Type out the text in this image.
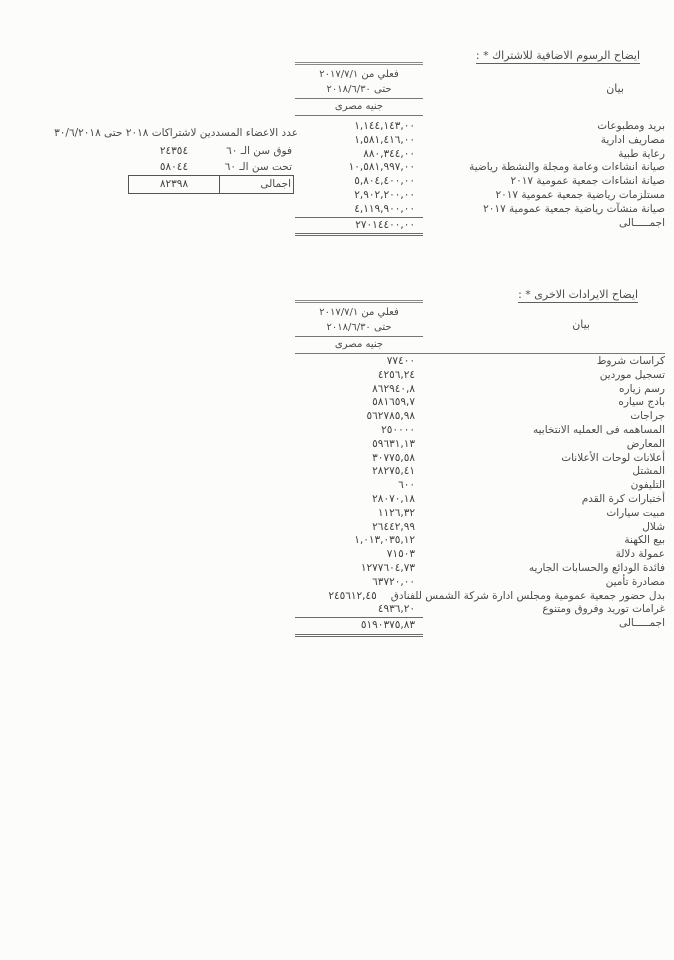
ايضاح الرسوم الاضافية للاشتراك * :
بيان
فعلي من ٢٠١٧/٧/١
حتى ٢٠١٨/٦/٣٠
جنيه مصرى
بريد ومطبوعات
١,١٤٤,١٤٣,٠٠
مصاريف ادارية
١,٥٨١,٤١٦,٠٠
رعاية طبية
٨٨٠,٣٤٤,٠٠
صيانة انشاءات وعامة ومجلة والنشطة رياضية
١٠,٥٨١,٩٩٧,٠٠
صيانة انشاءات جمعية عمومية ٢٠١٧
٥,٨٠٤,٤٠٠,٠٠
مستلزمات رياضية جمعية عمومية ٢٠١٧
٢,٩٠٢,٢٠٠,٠٠
صيانة منشآت رياضية جمعية عمومية ٢٠١٧
٤,١١٩,٩٠٠,٠٠
اجمـــــالى
٢٧٠١٤٤٠٠,٠٠
عدد الاعضاء المسددين لاشتراكات ٢٠١٨ حتى ٣٠/٦/٢٠١٨
فوق سن الـ ٦٠
٢٤٣٥٤
تحت سن الـ ٦٠
٥٨٠٤٤
اجمالى
٨٢٣٩٨
ايضاح الايرادات الاخرى * :
بيان
فعلي من ٢٠١٧/٧/١
حتى ٢٠١٨/٦/٣٠
جنيه مصرى
كراسات شروط
٧٧٤٠٠
تسجيل موردين
٤٢٥٦,٢٤
رسم زياره
٨٦٢٩٤٠,٨
بادج سياره
٥٨١٦٥٩,٧
جراجات
٥٦٢٧٨٥,٩٨
المساهمه فى العمليه الانتخابيه
٢٥٠٠٠٠
المعارض
٥٩٦٣١,١٣
أعلانات لوحات الأعلانات
٣٠٧٧٥,٥٨
المشتل
٢٨٢٧٥,٤١
التليفون
٦٠٠
أختبارات كرة القدم
٢٨٠٧٠,١٨
مبيت سيارات
١١٢٦,٣٢
شلال
٢٦٤٤٢,٩٩
بيع الكهنة
١,٠١٣,٠٣٥,١٢
عمولة دلالة
٧١٥٠٣
فائدة الودائع والحسابات الجاريه
١٢٧٧٦٠٤,٧٣
مصادرة تأمين
٦٣٧٢٠,٠٠
بدل حضور جمعية عمومية ومجلس ادارة شركة الشمس للفنادق
٢٤٥٦١٢,٤٥
غرامات توريد وفروق ومتنوع
٤٩٣٦,٢٠
اجمـــــالى
٥١٩٠٣٧٥,٨٣
